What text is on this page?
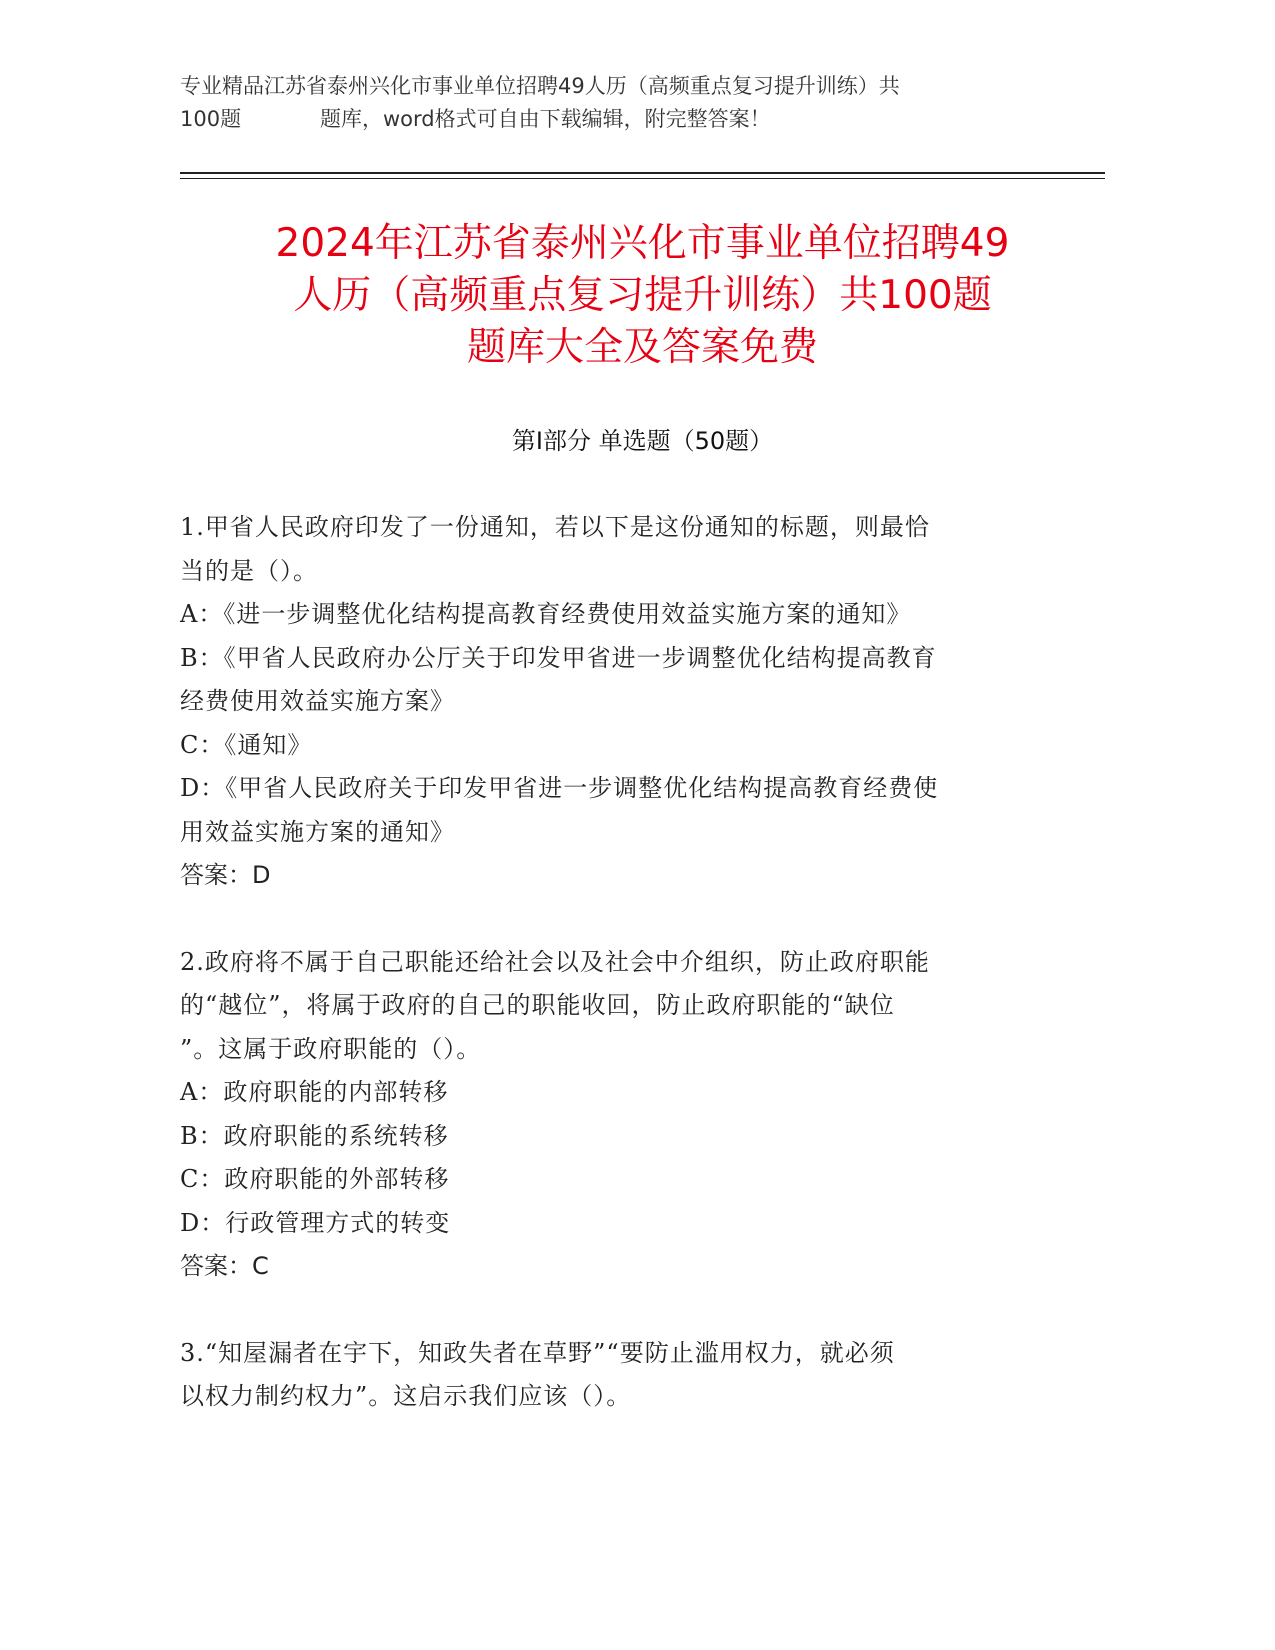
专业精品江苏省泰州兴化市事业单位招聘49人历（高频重点复习提升训练）共
100题	题库，word格式可自由下载编辑，附完整答案！
2024年江苏省泰州兴化市事业单位招聘49
人历（高频重点复习提升训练）共100题
题库大全及答案免费
第Ⅰ部分 单选题（50题）

1.甲省人民政府印发了一份通知，若以下是这份通知的标题，则最恰

当的是（）。

A：《进一步调整优化结构提高教育经费使用效益实施方案的通知》

B：《甲省人民政府办公厅关于印发甲省进一步调整优化结构提高教育

经费使用效益实施方案》

C：《通知》

D：《甲省人民政府关于印发甲省进一步调整优化结构提高教育经费使

用效益实施方案的通知》

答案：D

2.政府将不属于自己职能还给社会以及社会中介组织，防止政府职能

的“越位”，将属于政府的自己的职能收回，防止政府职能的“缺位

”。这属于政府职能的（）。

A：政府职能的内部转移

B：政府职能的系统转移

C：政府职能的外部转移

D：行政管理方式的转变

答案：C

3.“知屋漏者在宇下，知政失者在草野”“要防止滥用权力，就必须

以权力制约权力”。这启示我们应该（）。
